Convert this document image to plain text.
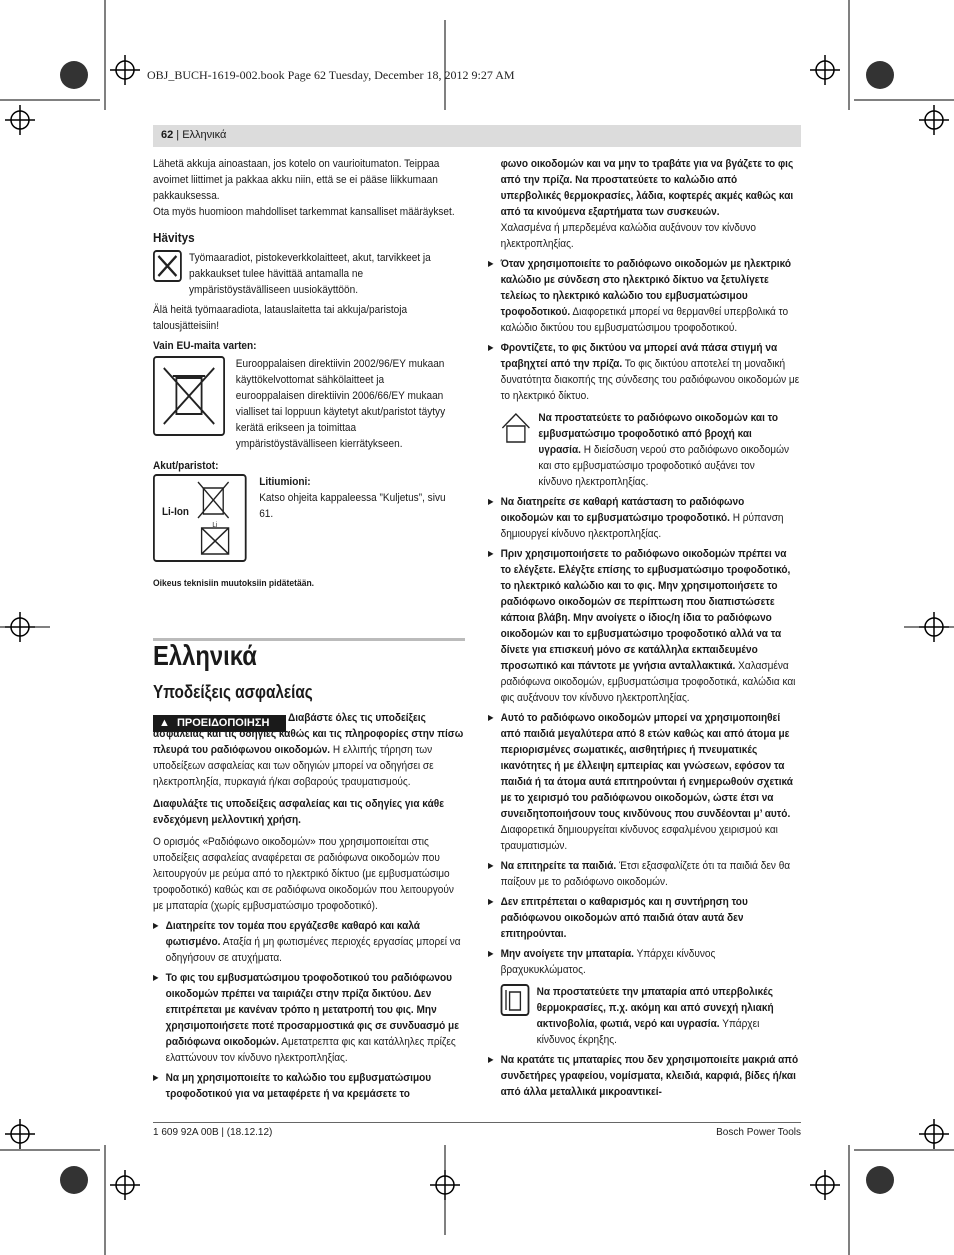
OBJ_BUCH-1619-002.book Page 62 Tuesday, December 18, 2012 9:27 AM
62 | Ελληνικά

Lähetä akkuja ainoastaan, jos kotelo on vaurioitumaton. Teippaa avoimet liittimet ja pakkaa akku niin, että se ei pääse liikkumaan pakkauksessa.

Ota myös huomioon mahdolliset tarkemmat kansalliset määräykset.

Hävitys

Työmaaradiot, pistokeverkkolaitteet, akut, tarvikkeet ja pakkaukset tulee hävittää antamalla ne ympäristöystävälliseen uusiokäyttöön.

Älä heitä työmaaradiota, latauslaitetta tai akkuja/paristoja talousjätteisiin!

Vain EU-maita varten:

Eurooppalaisen direktiivin 2002/96/EY mukaan käyttökelvottomat sähkölaitteet ja eurooppalaisen direktiivin 2006/66/EY mukaan vialliset tai loppuun käytetyt akut/paristot täytyy kerätä erikseen ja toimittaa ympäristöystävälliseen kierrätykseen.

Akut/paristot:

Li-Ion
Li

Litiumioni:

Katso ohjeita kappaleessa ”Kuljetus”, sivu 61.

Oikeus teknisiin muutoksiin pidätetään.

Ελληνικά
Υποδείξεις ασφαλείας
▲ ΠΡΟΕΙΔΟΠΟΙΗΣΗ	Διαβάστε όλες τις υποδείξεις ασφαλείας και τις οδηγίες καθώς και τις πληροφορίες στην πίσω πλευρά του ραδιόφωνου οικοδομών. Η ελλιπής τήρηση των υποδείξεων ασφαλείας και των οδηγιών μπορεί να οδηγήσει σε ηλεκτροπληξία, πυρκαγιά ή/και σοβαρούς τραυματισμούς.

Διαφυλάξτε τις υποδείξεις ασφαλείας και τις οδηγίες για κάθε ενδεχόμενη μελλοντική χρήση.

Ο ορισμός «Ραδιόφωνο οικοδομών» που χρησιμοποιείται στις υποδείξεις ασφαλείας αναφέρεται σε ραδιόφωνα οικοδομών που λειτουργούν με ρεύμα από το ηλεκτρικό δίκτυο (με εμβυσματώσιμο τροφοδοτικό) καθώς και σε ραδιόφωνα οικοδομών που λειτουργούν με μπαταρία (χωρίς εμβυσματώσιμο τροφοδοτικό).

▶ Διατηρείτε τον τομέα που εργάζεσθε καθαρό και καλά φωτισμένο. Αταξία ή μη φωτισμένες περιοχές εργασίας μπορεί να οδηγήσουν σε ατυχήματα.
▶ Το φις του εμβυσματώσιμου τροφοδοτικού του ραδιόφωνου οικοδομών πρέπει να ταιριάζει στην πρίζα δικτύου. Δεν επιτρέπεται με κανέναν τρόπο η μετατροπή του φις. Μην χρησιμοποιήσετε ποτέ προσαρμοστικά φις σε συνδυασμό με ραδιόφωνα οικοδομών. Αμετατρεπτα φις και κατάλληλες πρίζες ελαττώνουν τον κίνδυνο ηλεκτροπληξίας.
▶ Να μη χρησιμοποιείτε το καλώδιο του εμβυσματώσιμου τροφοδοτικού για να μεταφέρετε ή να κρεμάσετε το

φωνο οικοδομών και να μην το τραβάτε για να βγάζετε το φις από την πρίζα. Να προστατεύετε το καλώδιο από υπερβολικές θερμοκρασίες, λάδια, κοφτερές ακμές καθώς και από τα κινούμενα εξαρτήματα των συσκευών.

Χαλασμένα ή μπερδεμένα καλώδια αυξάνουν τον κίνδυνο ηλεκτροπληξίας.

▶ Όταν χρησιμοποιείτε το ραδιόφωνο οικοδομών με ηλεκτρικό καλώδιο με σύνδεση στο ηλεκτρικό δίκτυο να ξετυλίγετε τελείως το ηλεκτρικό καλώδιο του εμβυσματώσιμου τροφοδοτικού. Διαφορετικά μπορεί να θερμανθεί υπερβολικά το καλώδιο δικτύου του εμβυσματώσιμου τροφοδοτικού.
▶ Φροντίζετε, το φις δικτύου να μπορεί ανά πάσα στιγμή να τραβηχτεί από την πρίζα. Το φις δικτύου αποτελεί τη μοναδική δυνατότητα διακοπής της σύνδεσης του ραδιόφωνου οικοδομών με το ηλεκτρικό δίκτυο.

Να προστατεύετε το ραδιόφωνο οικοδομών και το εμβυσματώσιμο τροφοδοτικό από βροχή και υγρασία. Η διείσδυση νερού στο ραδιόφωνο οικοδομών και στο εμβυσματώσιμο τροφοδοτικό αυξάνει τον κίνδυνο ηλεκτροπληξίας.

▶ Να διατηρείτε σε καθαρή κατάσταση το ραδιόφωνο οικοδομών και το εμβυσματώσιμο τροφοδοτικό. Η ρύπανση δημιουργεί κίνδυνο ηλεκτροπληξίας.
▶ Πριν χρησιμοποιήσετε το ραδιόφωνο οικοδομών πρέπει να το ελέγξετε. Ελέγξτε επίσης το εμβυσματώσιμο τροφοδοτικό, το ηλεκτρικό καλώδιο και το φις. Μην χρησιμοποιήσετε το ραδιόφωνο οικοδομών σε περίπτωση που διαπιστώσετε κάποια βλάβη. Μην ανοίγετε ο ίδιος/η ίδια το ραδιόφωνο οικοδομών και το εμβυσματώσιμο τροφοδοτικό αλλά να τα δίνετε για επισκευή μόνο σε κατάλληλα εκπαιδευμένο προσωπικό και πάντοτε με γνήσια ανταλλακτικά. Χαλασμένα ραδιόφωνα οικοδομών, εμβυσματώσιμα τροφοδοτικά, καλώδια και φις αυξάνουν τον κίνδυνο ηλεκτροπληξίας.
▶ Αυτό το ραδιόφωνο οικοδομών μπορεί να χρησιμοποιηθεί από παιδιά μεγαλύτερα από 8 ετών καθώς και από άτομα με περιορισμένες σωματικές, αισθητήριες ή πνευματικές ικανότητες ή με έλλειψη εμπειρίας και γνώσεων, εφόσον τα παιδιά ή τα άτομα αυτά επιτηρούνται ή ενημερωθούν σχετικά με το χειρισμό του ραδιόφωνου οικοδομών, ώστε έτσι να συνειδητοποιήσουν τους κινδύνους που συνδέονται μ’ αυτό. Διαφορετικά δημιουργείται κίνδυνος εσφαλμένου χειρισμού και τραυματισμών.
▶ Να επιτηρείτε τα παιδιά. Έτσι εξασφαλίζετε ότι τα παιδιά δεν θα παίξουν με το ραδιόφωνο οικοδομών.
▶ Δεν επιτρέπεται ο καθαρισμός και η συντήρηση του ραδιόφωνου οικοδομών από παιδιά όταν αυτά δεν επιτηρούνται.
▶ Μην ανοίγετε την μπαταρία. Υπάρχει κίνδυνος βραχυκυκλώματος.

Να προστατεύετε την μπαταρία από υπερβολικές θερμοκρασίες, π.χ. ακόμη και από συνεχή ηλιακή ακτινοβολία, φωτιά, νερό και υγρασία. Υπάρχει κίνδυνος έκρηξης.

▶ Να κρατάτε τις μπαταρίες που δεν χρησιμοποιείτε μακριά από συνδετήρες γραφείου, νομίσματα, κλειδιά, καρφιά, βίδες ή/και από άλλα μεταλλικά μικροαντικεί-
1 609 92A 00B | (18.12.12)	Bosch Power Tools
